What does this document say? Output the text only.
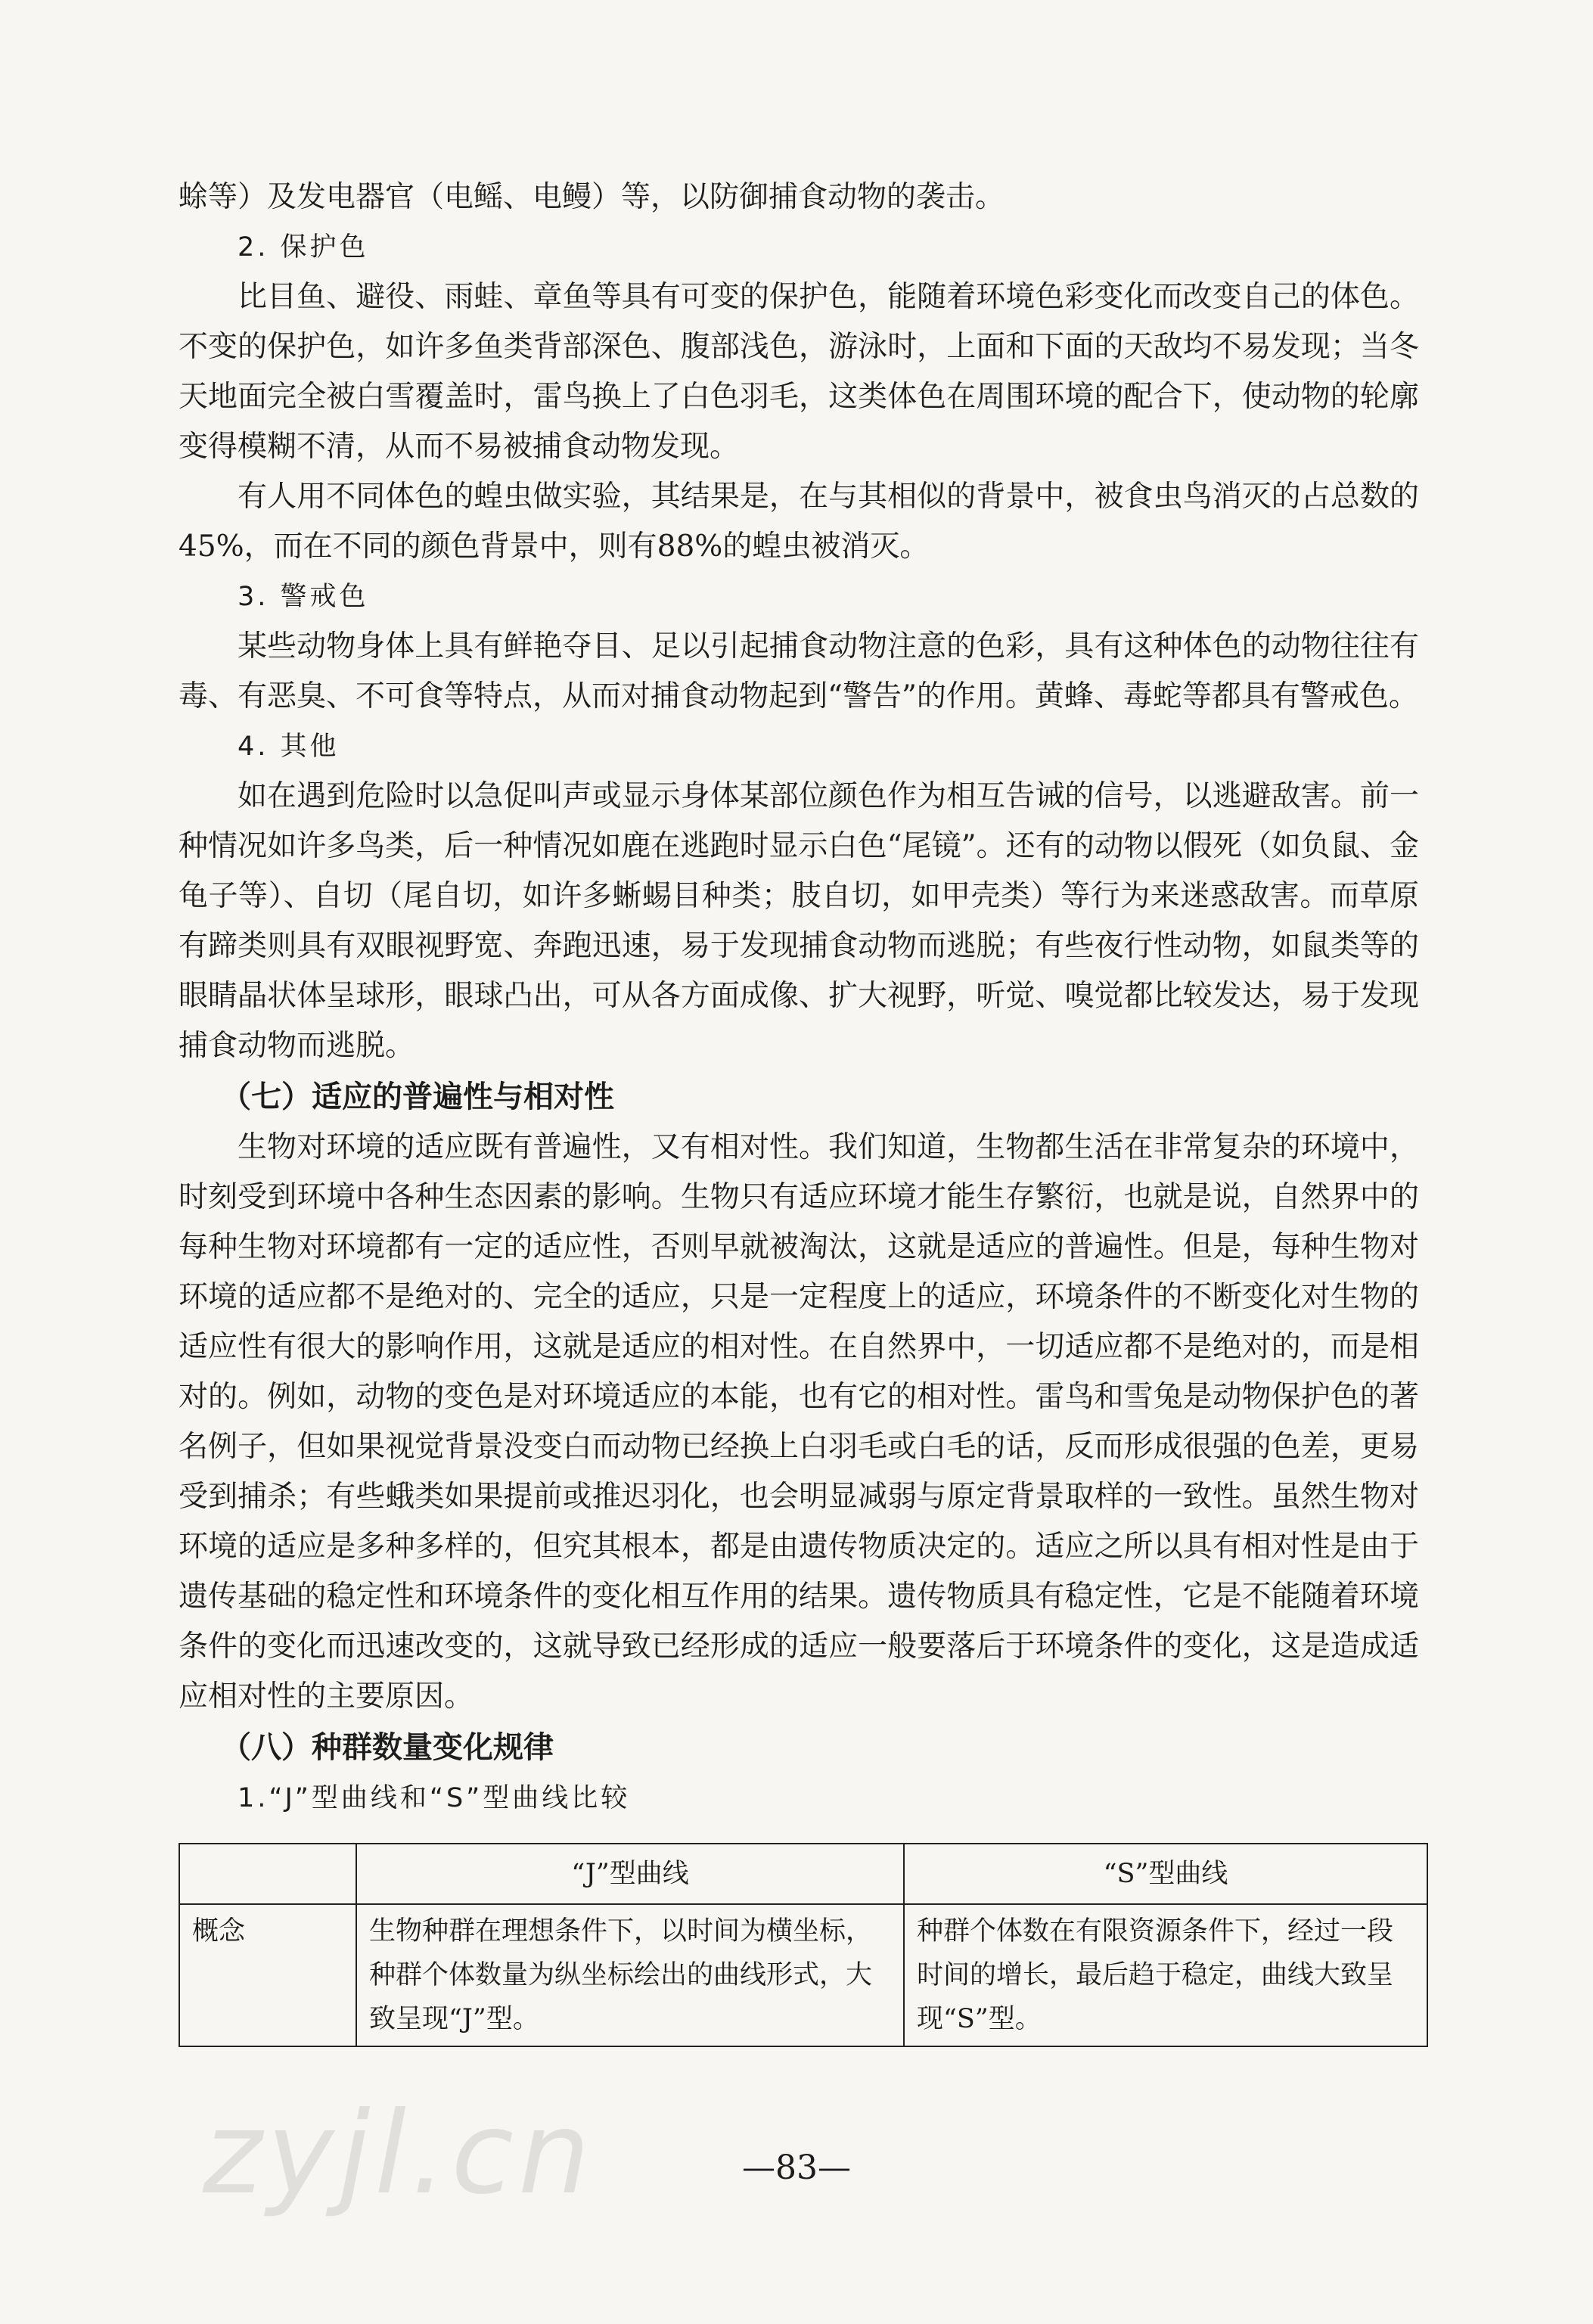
蜍等）及发电器官（电鳐、电鳗）等，以防御捕食动物的袭击。

2. 保护色

比目鱼、避役、雨蛙、章鱼等具有可变的保护色，能随着环境色彩变化而改变自己的体色。不变的保护色，如许多鱼类背部深色、腹部浅色，游泳时，上面和下面的天敌均不易发现；当冬天地面完全被白雪覆盖时，雷鸟换上了白色羽毛，这类体色在周围环境的配合下，使动物的轮廓变得模糊不清，从而不易被捕食动物发现。

有人用不同体色的蝗虫做实验，其结果是，在与其相似的背景中，被食虫鸟消灭的占总数的45%，而在不同的颜色背景中，则有88%的蝗虫被消灭。

3. 警戒色

某些动物身体上具有鲜艳夺目、足以引起捕食动物注意的色彩，具有这种体色的动物往往有毒、有恶臭、不可食等特点，从而对捕食动物起到“警告”的作用。黄蜂、毒蛇等都具有警戒色。

4. 其他

如在遇到危险时以急促叫声或显示身体某部位颜色作为相互告诫的信号，以逃避敌害。前一种情况如许多鸟类，后一种情况如鹿在逃跑时显示白色“尾镜”。还有的动物以假死（如负鼠、金龟子等）、自切（尾自切，如许多蜥蜴目种类；肢自切，如甲壳类）等行为来迷惑敌害。而草原有蹄类则具有双眼视野宽、奔跑迅速，易于发现捕食动物而逃脱；有些夜行性动物，如鼠类等的眼睛晶状体呈球形，眼球凸出，可从各方面成像、扩大视野，听觉、嗅觉都比较发达，易于发现捕食动物而逃脱。

（七）适应的普遍性与相对性

生物对环境的适应既有普遍性，又有相对性。我们知道，生物都生活在非常复杂的环境中，时刻受到环境中各种生态因素的影响。生物只有适应环境才能生存繁衍，也就是说，自然界中的每种生物对环境都有一定的适应性，否则早就被淘汰，这就是适应的普遍性。但是，每种生物对环境的适应都不是绝对的、完全的适应，只是一定程度上的适应，环境条件的不断变化对生物的适应性有很大的影响作用，这就是适应的相对性。在自然界中，一切适应都不是绝对的，而是相对的。例如，动物的变色是对环境适应的本能，也有它的相对性。雷鸟和雪兔是动物保护色的著名例子，但如果视觉背景没变白而动物已经换上白羽毛或白毛的话，反而形成很强的色差，更易受到捕杀；有些蛾类如果提前或推迟羽化，也会明显减弱与原定背景取样的一致性。虽然生物对环境的适应是多种多样的，但究其根本，都是由遗传物质决定的。适应之所以具有相对性是由于遗传基础的稳定性和环境条件的变化相互作用的结果。遗传物质具有稳定性，它是不能随着环境条件的变化而迅速改变的，这就导致已经形成的适应一般要落后于环境条件的变化，这是造成适应相对性的主要原因。

（八）种群数量变化规律

1.“J”型曲线和“S”型曲线比较

	“J”型曲线	“S”型曲线
概念	生物种群在理想条件下，以时间为横坐标，种群个体数量为纵坐标绘出的曲线形式，大致呈现“J”型。	种群个体数在有限资源条件下，经过一段时间的增长，最后趋于稳定，曲线大致呈现“S”型。
zyjl.cn	—83—
